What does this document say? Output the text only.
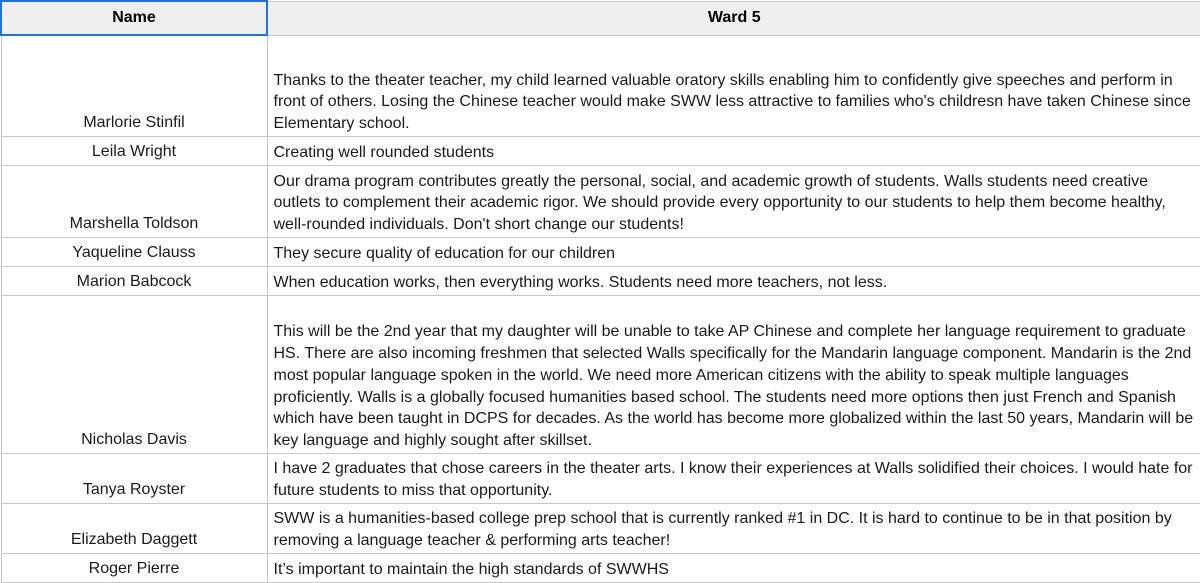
Name	Ward 5
Marlorie Stinfil	Thanks to the theater teacher, my child learned valuable oratory skills enabling him to confidently give speeches and perform in front of others. Losing the Chinese teacher would make SWW less attractive to families who's childresn have taken Chinese since Elementary school.
Leila Wright	Creating well rounded students
Marshella Toldson	Our drama program contributes greatly the personal, social, and academic growth of students. Walls students need creative outlets to complement their academic rigor. We should provide every opportunity to our students to help them become healthy, well-rounded individuals. Don't short change our students!
Yaqueline Clauss	They secure quality of education for our children
Marion Babcock	When education works, then everything works. Students need more teachers, not less.
Nicholas Davis	This will be the 2nd year that my daughter will be unable to take AP Chinese and complete her language requirement to graduate HS. There are also incoming freshmen that selected Walls specifically for the Mandarin language component. Mandarin is the 2nd most popular language spoken in the world. We need more American citizens with the ability to speak multiple languages proficiently. Walls is a globally focused humanities based school. The students need more options then just French and Spanish which have been taught in DCPS for decades. As the world has become more globalized within the last 50 years, Mandarin will be key language and highly sought after skillset.
Tanya Royster	I have 2 graduates that chose careers in the theater arts. I know their experiences at Walls solidified their choices. I would hate for future students to miss that opportunity.
Elizabeth Daggett	SWW is a humanities-based college prep school that is currently ranked #1 in DC. It is hard to continue to be in that position by removing a language teacher & performing arts teacher!
Roger Pierre	It’s important to maintain the high standards of SWWHS
